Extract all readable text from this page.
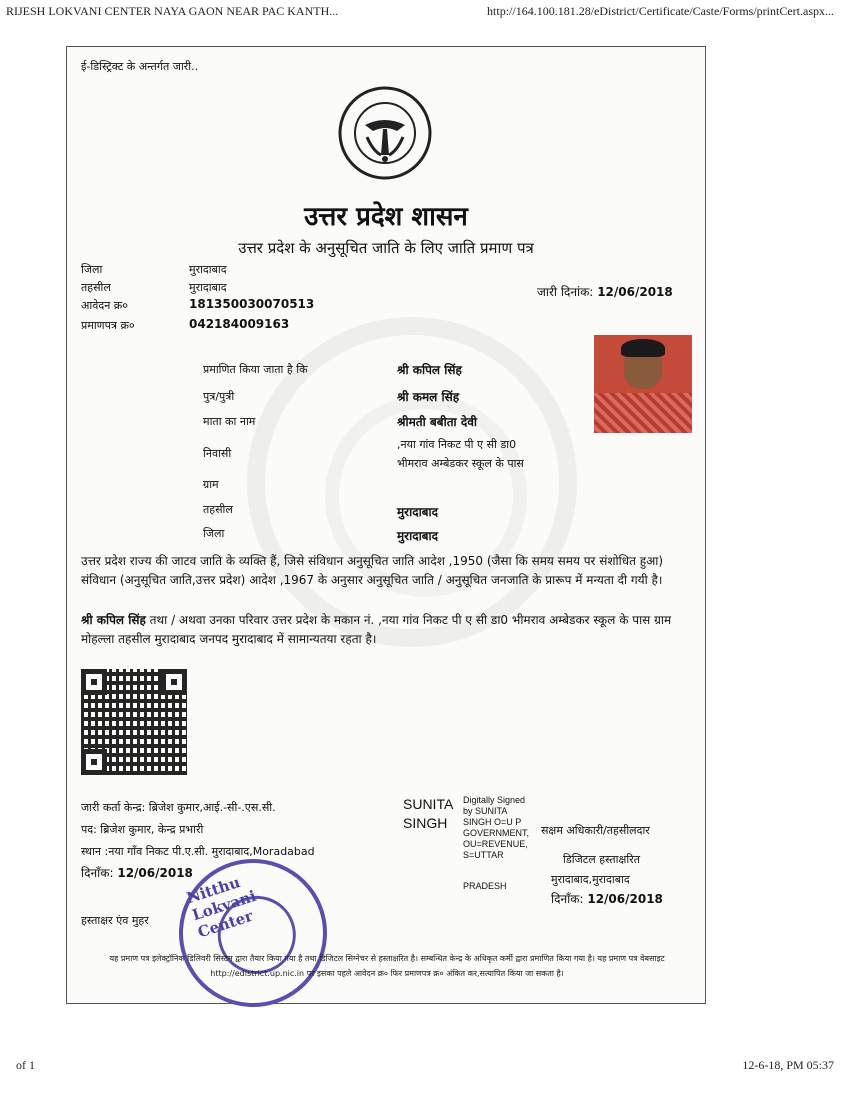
RIJESH LOKVANI CENTER NAYA GAON NEAR PAC KANTH...	http://164.100.181.28/eDistrict/Certificate/Caste/Forms/printCert.aspx...
ई-डिस्ट्रिक्ट के अन्तर्गत जारी..
उत्तर प्रदेश शासन
उत्तर प्रदेश के अनुसूचित जाति के लिए जाति प्रमाण पत्र
जिला	मुरादाबाद
तहसील	मुरादाबाद
आवेदन क्र०	181350030070513
प्रमाणपत्र क्र०	042184009163
जारी दिनांक: 12/06/2018
प्रमाणित किया जाता है कि	श्री कपिल सिंह
पुत्र/पुत्री	श्री कमल सिंह
माता का नाम	श्रीमती बबीता देवी
निवासी
,नया गांव निकट पी ए सी डा0
भीमराव अम्बेडकर स्कूल के पास
ग्राम
तहसील	मुरादाबाद
जिला	मुरादाबाद
उत्तर प्रदेश राज्य की जाटव जाति के व्यक्ति हैं, जिसे संविधान अनुसूचित जाति आदेश ,1950 (जैसा कि समय समय पर संशोधित हुआ) संविधान (अनुसूचित जाति,उत्तर प्रदेश) आदेश ,1967 के अनुसार अनुसूचित जाति / अनुसूचित जनजाति के प्रारूप में मन्यता दी गयी है।
श्री कपिल सिंह तथा / अथवा उनका परिवार उत्तर प्रदेश के मकान नं. ,नया गांव निकट पी ए सी डा0 भीमराव अम्बेडकर स्कूल के पास ग्राम मोहल्ला तहसील मुरादाबाद जनपद मुरादाबाद में सामान्यतया रहता है।
जारी कर्ता केन्द्र: ब्रिजेश कुमार,आई.-सी-.एस.सी.
पद: ब्रिजेश कुमार, केन्द्र प्रभारी
स्थान :नया गाँव निकट पी.ए.सी. मुरादाबाद,Moradabad
दिनाँक: 12/06/2018
हस्ताक्षर एंव मुहर
Nitthu Lokvani Center
SUNITA
SINGH
Digitally Signed
by SUNITA
SINGH O=U P
GOVERNMENT,
OU=REVENUE,
S=UTTAR
PRADESH
सक्षम अधिकारी/तहसीलदार
डिजिटल हस्ताक्षरित
मुरादाबाद,मुरादाबाद
दिनाँक: 12/06/2018
यह प्रमाण पत्र इलेक्ट्रॉनिक डिलिवरी सिस्टम द्वारा तैयार किया गया है तथा डिजिटल सिग्नेचर से हस्ताक्षरित है। सम्बन्धित केन्द्र के अधिकृत कर्मी द्वारा प्रमाणित किया गया है। यह प्रमाण पत्र वेबसाइट http://edistrict.up.nic.in पर इसका पहले आवेदन क्र० फिर प्रमाणपत्र क्र० अंकित कर,सत्यापित किया जा सकता है।
of 1	12-6-18, PM 05:37
